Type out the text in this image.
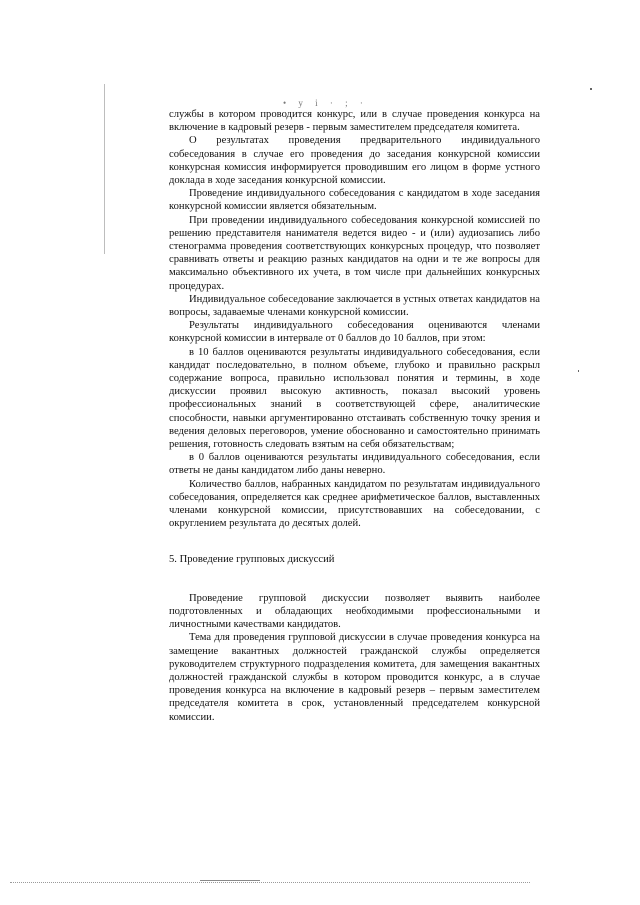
• у і · ; ·

службы в котором проводится конкурс, или в случае проведения конкурса на включение в кадровый резерв - первым заместителем председателя комитета.

О результатах проведения предварительного индивидуального собеседования в случае его проведения до заседания конкурсной комиссии конкурсная комиссия информируется проводившим его лицом в форме устного доклада в ходе заседания конкурсной комиссии.

Проведение индивидуального собеседования с кандидатом в ходе заседания конкурсной комиссии является обязательным.

При проведении индивидуального собеседования конкурсной комиссией по решению представителя нанимателя ведется видео - и (или) аудиозапись либо стенограмма проведения соответствующих конкурсных процедур, что позволяет сравнивать ответы и реакцию разных кандидатов на одни и те же вопросы для максимально объективного их учета, в том числе при дальнейших конкурсных процедурах.

Индивидуальное собеседование заключается в устных ответах кандидатов на вопросы, задаваемые членами конкурсной комиссии.

Результаты индивидуального собеседования оцениваются членами конкурсной комиссии в интервале от 0 баллов до 10 баллов, при этом:

в 10 баллов оцениваются результаты индивидуального собеседования, если кандидат последовательно, в полном объеме, глубоко и правильно раскрыл содержание вопроса, правильно использовал понятия и термины, в ходе дискуссии проявил высокую активность, показал высокий уровень профессиональных знаний в соответствующей сфере, аналитические способности, навыки аргументированно отстаивать собственную точку зрения и ведения деловых переговоров, умение обоснованно и самостоятельно принимать решения, готовность следовать взятым на себя обязательствам;

в 0 баллов оцениваются результаты индивидуального собеседования, если ответы не даны кандидатом либо даны неверно.

Количество баллов, набранных кандидатом по результатам индивидуального собеседования, определяется как среднее арифметическое баллов, выставленных членами конкурсной комиссии, присутствовавших на собеседовании, с округлением результата до десятых долей.

5. Проведение групповых дискуссий

Проведение групповой дискуссии позволяет выявить наиболее подготовленных и обладающих необходимыми профессиональными и личностными качествами кандидатов.

Тема для проведения групповой дискуссии в случае проведения конкурса на замещение вакантных должностей гражданской службы определяется руководителем структурного подразделения комитета, для замещения вакантных должностей гражданской службы в котором проводится конкурс, а в случае проведения конкурса на включение в кадровый резерв – первым заместителем председателя комитета в срок, установленный председателем конкурсной комиссии.
